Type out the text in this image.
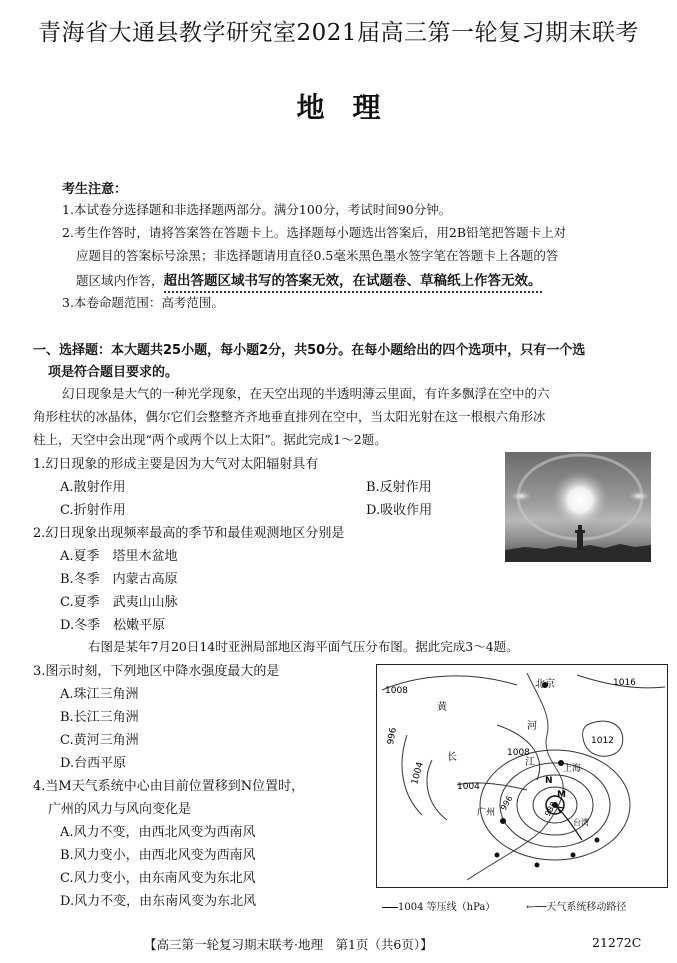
青海省大通县教学研究室2021届高三第一轮复习期末联考
地　理
考生注意：
1.本试卷分选择题和非选择题两部分。满分100分，考试时间90分钟。
2.考生作答时，请将答案答在答题卡上。选择题每小题选出答案后，用2B铅笔把答题卡上对
应题目的答案标号涂黑；非选择题请用直径0.5毫米黑色墨水签字笔在答题卡上各题的答
题区域内作答，超出答题区域书写的答案无效，在试题卷、草稿纸上作答无效。
3.本卷命题范围：高考范围。
一、选择题：本大题共25小题，每小题2分，共50分。在每小题给出的四个选项中，只有一个选
项是符合题目要求的。
幻日现象是大气的一种光学现象，在天空出现的半透明薄云里面，有许多飘浮在空中的六
角形柱状的冰晶体，偶尔它们会整整齐齐地垂直排列在空中，当太阳光射在这一根根六角形冰
柱上，天空中会出现“两个或两个以上太阳”。据此完成1～2题。
1.幻日现象的形成主要是因为大气对太阳辐射具有
A.散射作用	B.反射作用
C.折射作用	D.吸收作用
2.幻日现象出现频率最高的季节和最佳观测地区分别是
A.夏季　塔里木盆地
B.冬季　内蒙古高原
C.夏季　武夷山山脉
D.冬季　松嫩平原
右图是某年7月20日14时亚洲局部地区海平面气压分布图。据此完成3～4题。
3.图示时刻，下列地区中降水强度最大的是
A.珠江三角洲
B.长江三角洲
C.黄河三角洲
D.台西平原
4.当M天气系统中心由目前位置移到N位置时，
广州的风力与风向变化是
A.风力不变，由西北风变为西南风
B.风力变小，由西北风变为西南风
C.风力变小，由东南风变为东北风
D.风力不变，由东南风变为东北风
1008
1016
1012
1008
996
1004
1004
996	988
北京
黄
河
长	江
上海
广州
台湾
M
N
1004 等压线（hPa）	←──天气系统移动路径
【高三第一轮复习期末联考·地理　第1页（共6页）】	21272C
